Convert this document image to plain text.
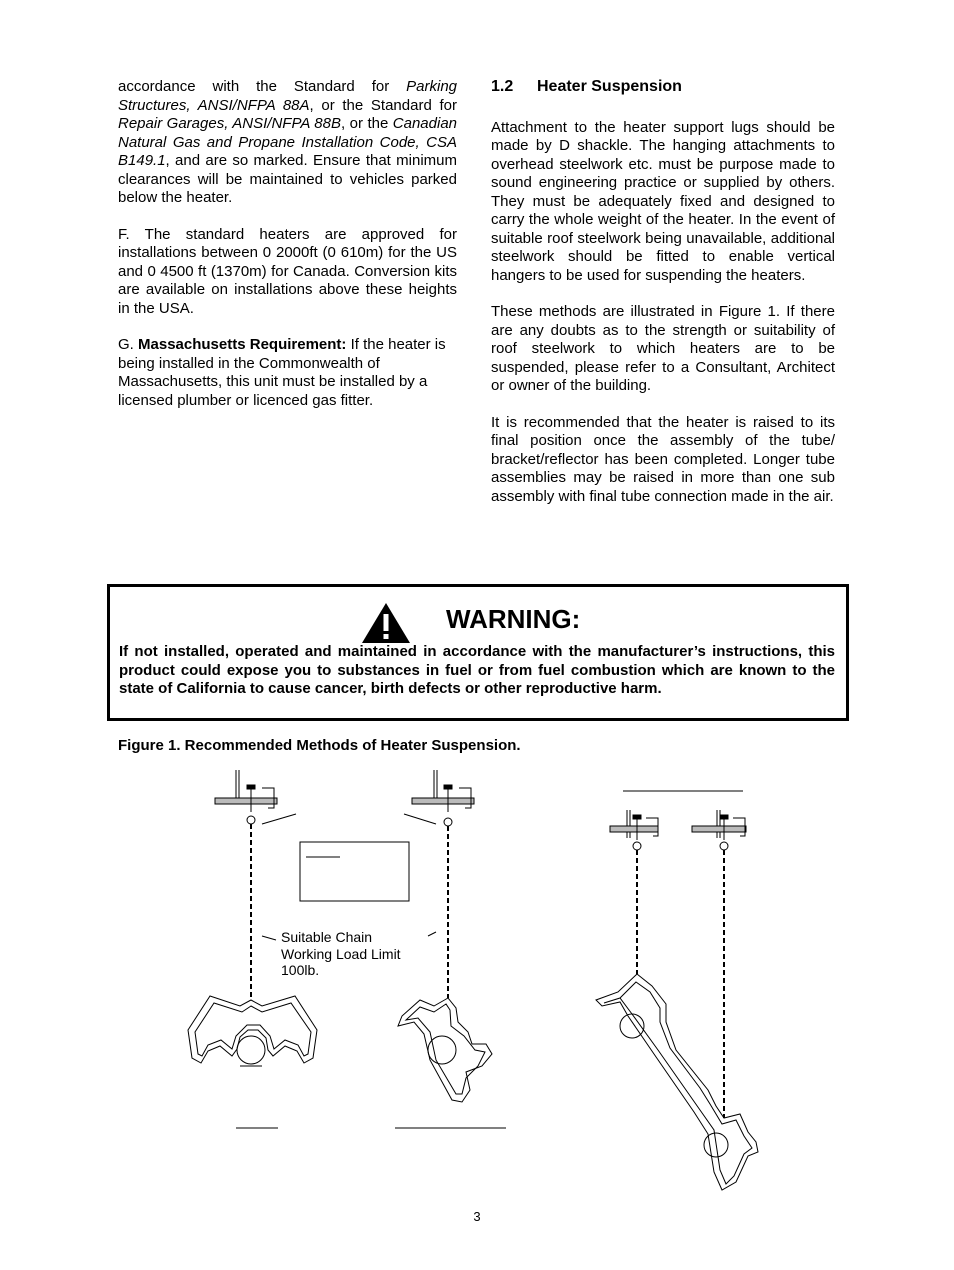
accordance with the Standard for Parking Structures, ANSI/NFPA 88A, or the Standard for Repair Garages, ANSI/NFPA 88B, or the Canadian Natural Gas and Propane Installation Code, CSA B149.1, and are so marked. Ensure that minimum clearances will be maintained to vehicles parked below the heater.

F. The standard heaters are approved for installations between 0 2000ft (0 610m) for the US and 0 4500 ft (1370m) for Canada. Conversion kits are available on installations above these heights in the USA.

G. Massachusetts Requirement: If the heater is being installed in the Commonwealth of Massachusetts, this unit must be installed by a licensed plumber or licenced gas fitter.

1.2 Heater Suspension

Attachment to the heater support lugs should be made by D shackle. The hanging attachments to overhead steelwork etc. must be purpose made to sound engineering practice or supplied by others. They must be adequately fixed and designed to carry the whole weight of the heater. In the event of suitable roof steelwork being unavailable, additional steelwork should be fitted to enable vertical hangers to be used for suspending the heaters.

These methods are illustrated in Figure 1. If there are any doubts as to the strength or suitability of roof steelwork to which heaters are to be suspended, please refer to a Consultant, Architect or owner of the building.

It is recommended that the heater is raised to its final position once the assembly of the tube/ bracket/reflector has been completed. Longer tube assemblies may be raised in more than one sub assembly with final tube connection made in the air.

WARNING:
If not installed, operated and maintained in accordance with the manufacturer’s instructions, this product could expose you to substances in fuel or from fuel combustion which are known to the state of California to cause cancer, birth defects or other reproductive harm.
Figure 1. Recommended Methods of Heater Suspension.
Suitable Chain
Working Load Limit
100lb.
3
